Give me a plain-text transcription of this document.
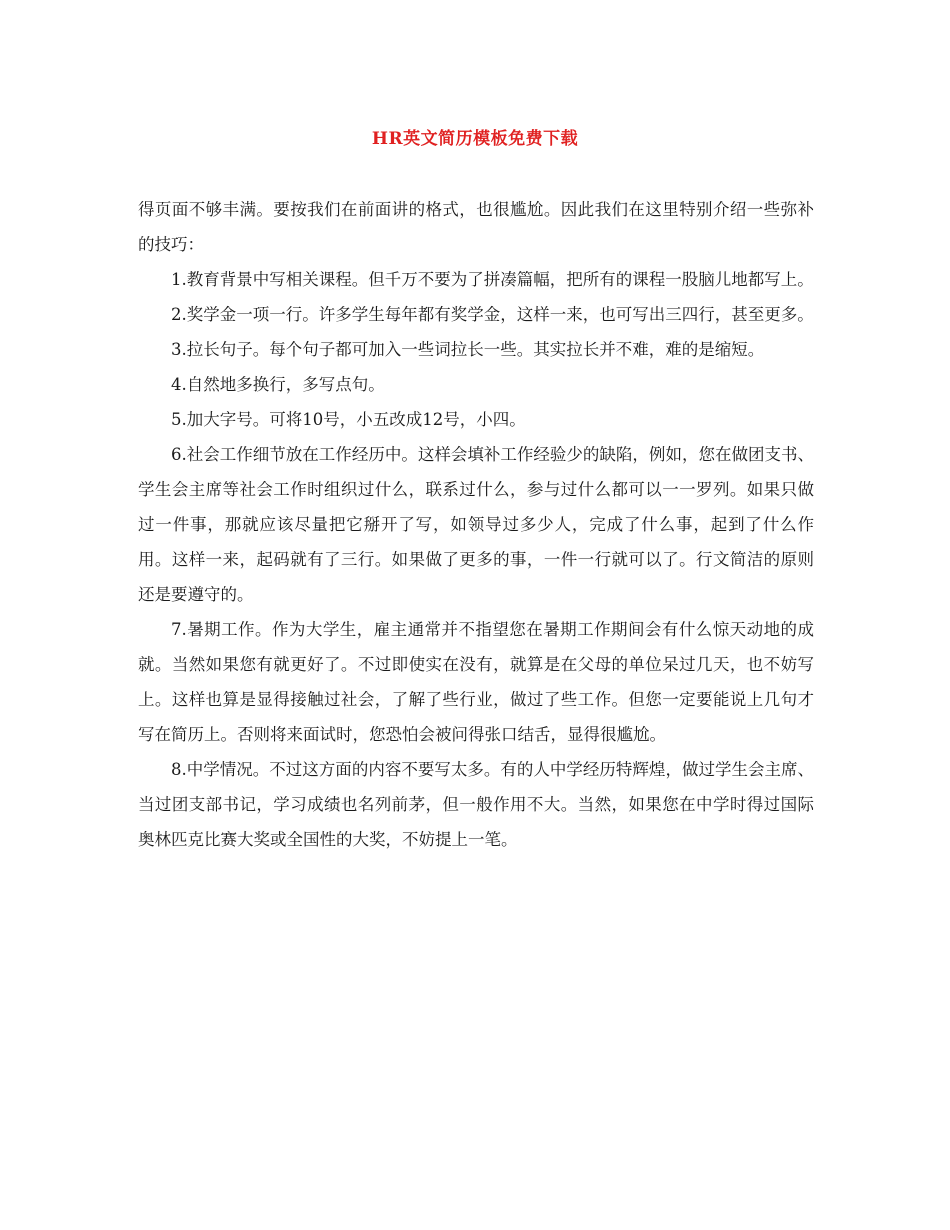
HR英文简历模板免费下载

得页面不够丰满。要按我们在前面讲的格式，也很尴尬。因此我们在这里特别介绍一些弥补的技巧：

1.教育背景中写相关课程。但千万不要为了拼凑篇幅，把所有的课程一股脑儿地都写上。

2.奖学金一项一行。许多学生每年都有奖学金，这样一来，也可写出三四行，甚至更多。

3.拉长句子。每个句子都可加入一些词拉长一些。其实拉长并不难，难的是缩短。

4.自然地多换行，多写点句。

5.加大字号。可将10号，小五改成12号，小四。

6.社会工作细节放在工作经历中。这样会填补工作经验少的缺陷，例如，您在做团支书、学生会主席等社会工作时组织过什么，联系过什么，参与过什么都可以一一罗列。如果只做过一件事，那就应该尽量把它掰开了写，如领导过多少人，完成了什么事，起到了什么作用。这样一来，起码就有了三行。如果做了更多的事，一件一行就可以了。行文简洁的原则还是要遵守的。

7.暑期工作。作为大学生，雇主通常并不指望您在暑期工作期间会有什么惊天动地的成就。当然如果您有就更好了。不过即使实在没有，就算是在父母的单位呆过几天，也不妨写上。这样也算是显得接触过社会，了解了些行业，做过了些工作。但您一定要能说上几句才写在简历上。否则将来面试时，您恐怕会被问得张口结舌，显得很尴尬。

8.中学情况。不过这方面的内容不要写太多。有的人中学经历特辉煌，做过学生会主席、当过团支部书记，学习成绩也名列前茅，但一般作用不大。当然，如果您在中学时得过国际奥林匹克比赛大奖或全国性的大奖，不妨提上一笔。
